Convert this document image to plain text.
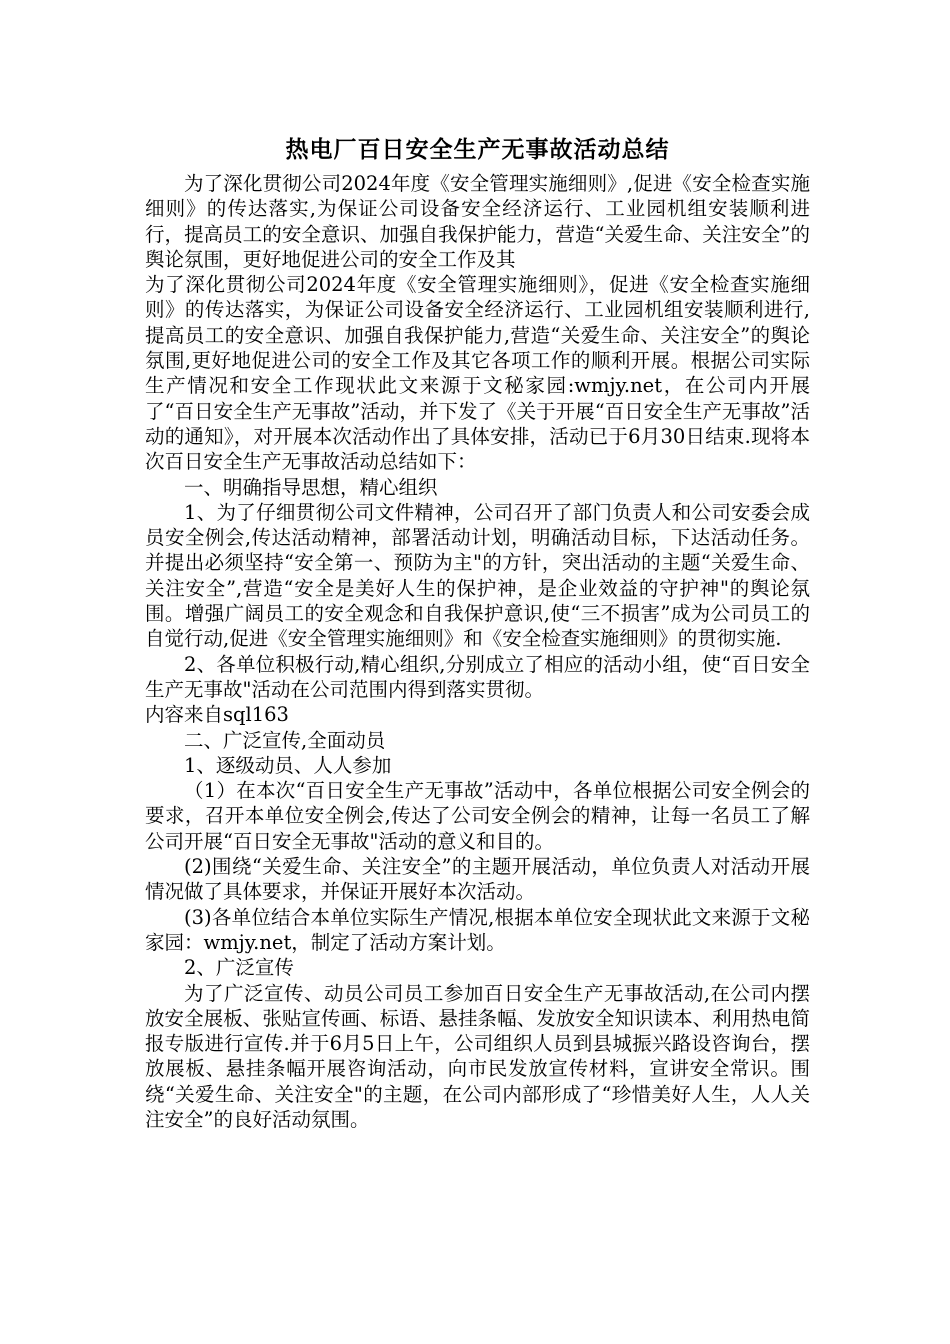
热电厂百日安全生产无事故活动总结

为了深化贯彻公司2024年度《安全管理实施细则》,促进《安全检查实施细则》的传达落实,为保证公司设备安全经济运行、工业园机组安装顺利进行，提高员工的安全意识、加强自我保护能力，营造“关爱生命、关注安全”的舆论氛围，更好地促进公司的安全工作及其

为了深化贯彻公司2024年度《安全管理实施细则》，促进《安全检查实施细则》的传达落实，为保证公司设备安全经济运行、工业园机组安装顺利进行,提高员工的安全意识、加强自我保护能力,营造“关爱生命、关注安全”的舆论氛围,更好地促进公司的安全工作及其它各项工作的顺利开展。根据公司实际生产情况和安全工作现状此文来源于文秘家园:wmjy.net，在公司内开展了“百日安全生产无事故”活动，并下发了《关于开展“百日安全生产无事故”活动的通知》，对开展本次活动作出了具体安排，活动已于6月30日结束.现将本次百日安全生产无事故活动总结如下：

一、明确指导思想，精心组织

1、为了仔细贯彻公司文件精神，公司召开了部门负责人和公司安委会成员安全例会,传达活动精神，部署活动计划，明确活动目标，下达活动任务。并提出必须坚持“安全第一、预防为主"的方针，突出活动的主题“关爱生命、关注安全”,营造“安全是美好人生的保护神，是企业效益的守护神"的舆论氛围。增强广阔员工的安全观念和自我保护意识,使“三不损害”成为公司员工的自觉行动,促进《安全管理实施细则》和《安全检查实施细则》的贯彻实施.

2、各单位积极行动,精心组织,分别成立了相应的活动小组，使“百日安全生产无事故"活动在公司范围内得到落实贯彻。

内容来自sql163

二、广泛宣传,全面动员

1、逐级动员、人人参加

（1）在本次“百日安全生产无事故”活动中，各单位根据公司安全例会的要求，召开本单位安全例会,传达了公司安全例会的精神，让每一名员工了解公司开展“百日安全无事故"活动的意义和目的。

(2)围绕“关爱生命、关注安全”的主题开展活动，单位负责人对活动开展情况做了具体要求，并保证开展好本次活动。

(3)各单位结合本单位实际生产情况,根据本单位安全现状此文来源于文秘家园：wmjy.net，制定了活动方案计划。

2、广泛宣传

为了广泛宣传、动员公司员工参加百日安全生产无事故活动,在公司内摆放安全展板、张贴宣传画、标语、悬挂条幅、发放安全知识读本、利用热电简报专版进行宣传.并于6月5日上午，公司组织人员到县城振兴路设咨询台，摆放展板、悬挂条幅开展咨询活动，向市民发放宣传材料，宣讲安全常识。围绕“关爱生命、关注安全"的主题，在公司内部形成了“珍惜美好人生，人人关注安全”的良好活动氛围。
